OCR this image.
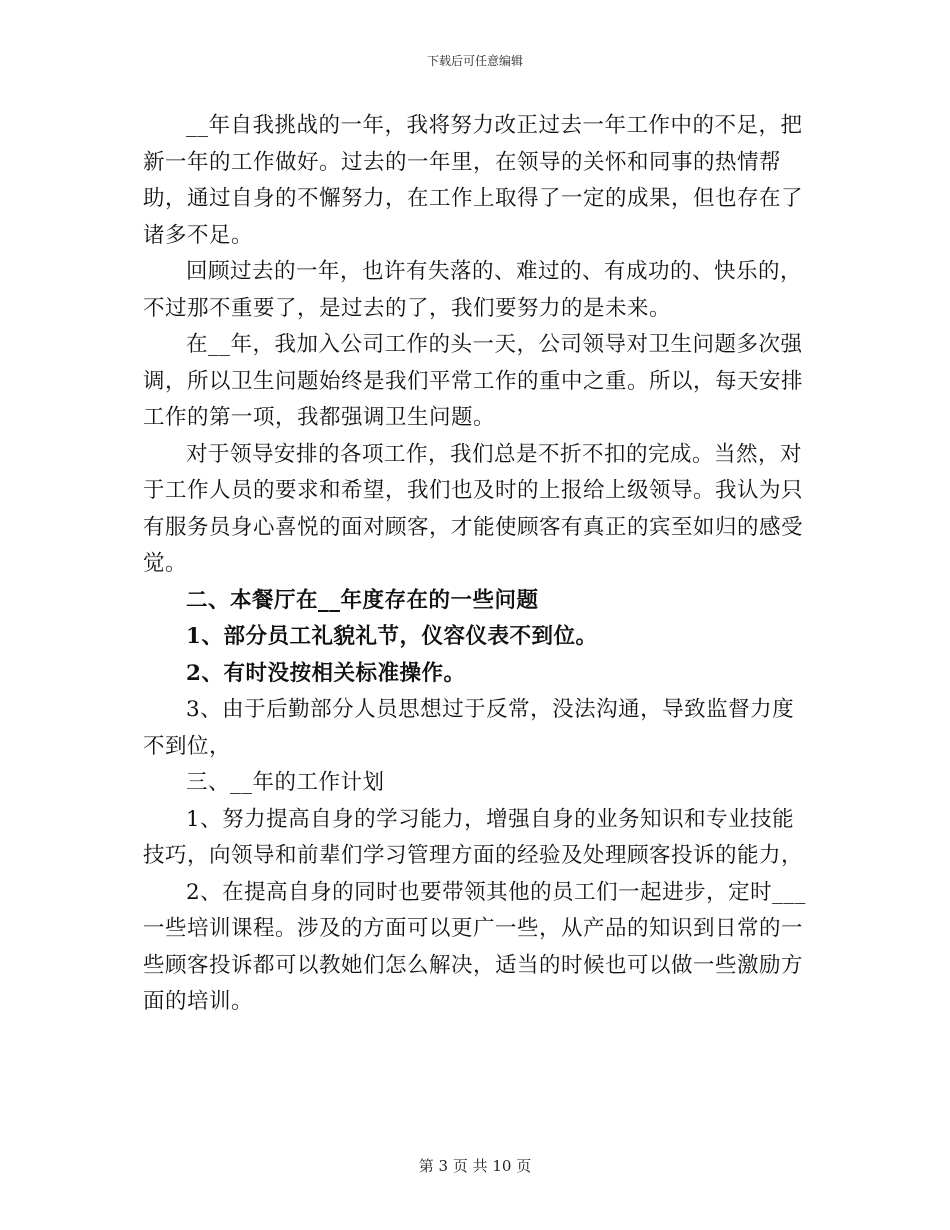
下载后可任意编辑

__年自我挑战的一年，我将努力改正过去一年工作中的不足，把新一年的工作做好。过去的一年里，在领导的关怀和同事的热情帮助，通过自身的不懈努力，在工作上取得了一定的成果，但也存在了诸多不足。

回顾过去的一年，也许有失落的、难过的、有成功的、快乐的，不过那不重要了，是过去的了，我们要努力的是未来。

在__年，我加入公司工作的头一天，公司领导对卫生问题多次强调，所以卫生问题始终是我们平常工作的重中之重。所以，每天安排工作的第一项，我都强调卫生问题。

对于领导安排的各项工作，我们总是不折不扣的完成。当然，对于工作人员的要求和希望，我们也及时的上报给上级领导。我认为只有服务员身心喜悦的面对顾客，才能使顾客有真正的宾至如归的感受觉。

二、本餐厅在__年度存在的一些问题

1、部分员工礼貌礼节，仪容仪表不到位。

2、有时没按相关标准操作。

3、由于后勤部分人员思想过于反常，没法沟通，导致监督力度不到位，

三、__年的工作计划

1、努力提高自身的学习能力，增强自身的业务知识和专业技能技巧，向领导和前辈们学习管理方面的经验及处理顾客投诉的能力，

2、在提高自身的同时也要带领其他的员工们一起进步，定时___一些培训课程。涉及的方面可以更广一些，从产品的知识到日常的一些顾客投诉都可以教她们怎么解决，适当的时候也可以做一些激励方面的培训。

第 3 页 共 10 页
